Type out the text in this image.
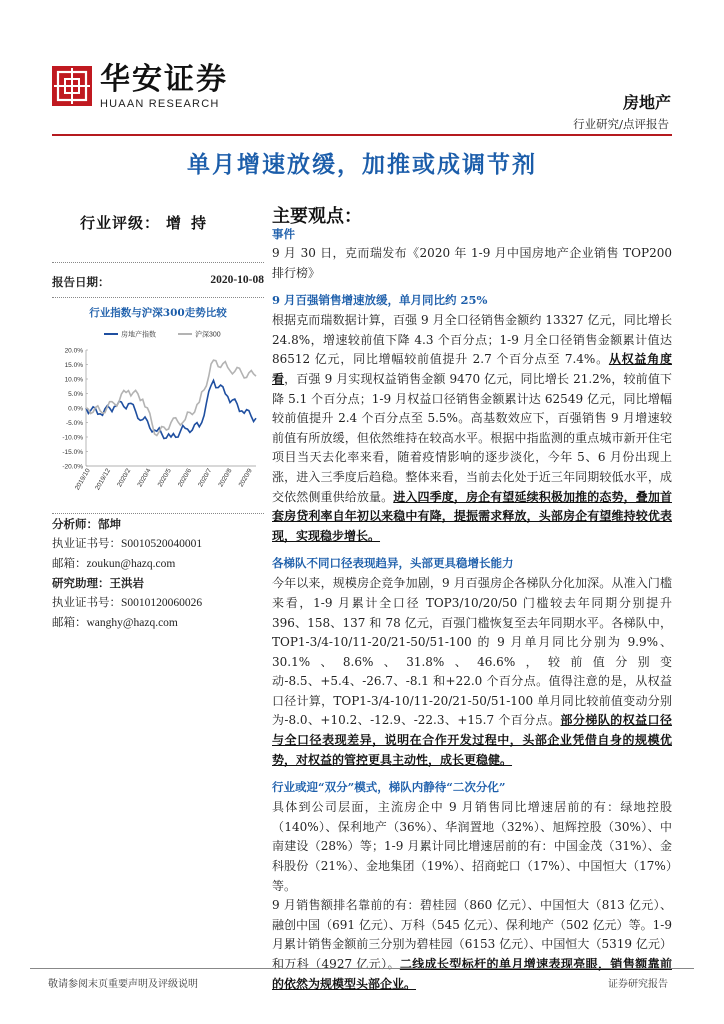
华安证券
HUAAN RESEARCH	房地产
行业研究/点评报告
单月增速放缓，加推或成调节剂
行业评级： 增持
报告日期：	2020-10-08
行业指数与沪深300走势比较
20.0%
15.0%
10.0%
5.0%
0.0%
-5.0%
-10.0%
-15.0%
-20.0%
2019/10 2019/12 2020/2 2020/4 2020/5 2020/6 2020/7 2020/8 2020/9
房地产指数	沪深300
分析师：郜坤
执业证书号：S0010520040001
邮箱：zoukun@hazq.com
研究助理：王洪岩
执业证书号：S0010120060026
邮箱：wanghy@hazq.com
主要观点：
事件
9 月 30 日，克而瑞发布《2020 年 1-9 月中国房地产企业销售 TOP200 排行榜》
9 月百强销售增速放缓，单月同比约 25%
根据克而瑞数据计算，百强 9 月全口径销售金额约 13327 亿元，同比增长 24.8%，增速较前值下降 4.3 个百分点；1-9 月全口径销售金额累计值达 86512 亿元，同比增幅较前值提升 2.7 个百分点至 7.4%。从权益角度看，百强 9 月实现权益销售金额 9470 亿元，同比增长 21.2%，较前值下降 5.1 个百分点；1-9 月权益口径销售金额累计达 62549 亿元，同比增幅较前值提升 2.4 个百分点至 5.5%。高基数效应下，百强销售 9 月增速较前值有所放缓，但依然维持在较高水平。根据中指监测的重点城市新开住宅项目当天去化率来看，随着疫情影响的逐步淡化，今年 5、6 月份出现上涨，进入三季度后趋稳。整体来看，当前去化处于近三年同期较低水平，成交依然侧重供给放量。进入四季度，房企有望延续积极加推的态势，叠加首套房贷利率自年初以来稳中有降，提振需求释放，头部房企有望维持较优表现，实现稳步增长。
各梯队不同口径表现趋异，头部更具稳增长能力
今年以来，规模房企竞争加剧，9 月百强房企各梯队分化加深。从准入门槛来看，1-9 月累计全口径 TOP3/10/20/50 门槛较去年同期分别提升 396、158、137 和 78 亿元，百强门槛恢复至去年同期水平。各梯队中，TOP1-3/4-10/11-20/21-50/51-100 的 9 月单月同比分别为 9.9%、30.1%、8.6%、31.8%、46.6%，较前值分别变动-8.5、+5.4、-26.7、-8.1 和+22.0 个百分点。值得注意的是，从权益口径计算，TOP1-3/4-10/11-20/21-50/51-100 单月同比较前值变动分别为-8.0、+10.2、-12.9、-22.3、+15.7 个百分点。部分梯队的权益口径与全口径表现差异，说明在合作开发过程中，头部企业凭借自身的规模优势，对权益的管控更具主动性，成长更稳健。
行业或迎“双分”模式，梯队内静待“二次分化”
具体到公司层面，主流房企中 9 月销售同比增速居前的有：绿地控股（140%）、保利地产（36%）、华润置地（32%）、旭辉控股（30%）、中南建设（28%）等；1-9 月累计同比增速居前的有：中国金茂（31%）、金科股份（21%）、金地集团（19%）、招商蛇口（17%）、中国恒大（17%）等。
9 月销售额排名靠前的有：碧桂园（860 亿元）、中国恒大（813 亿元）、融创中国（691 亿元）、万科（545 亿元）、保利地产（502 亿元）等。1-9 月累计销售金额前三分别为碧桂园（6153 亿元）、中国恒大（5319 亿元）和万科（4927 亿元）。二线成长型标杆的单月增速表现亮眼，销售额靠前的依然为规模型头部企业。
敬请参阅末页重要声明及评级说明	证券研究报告
